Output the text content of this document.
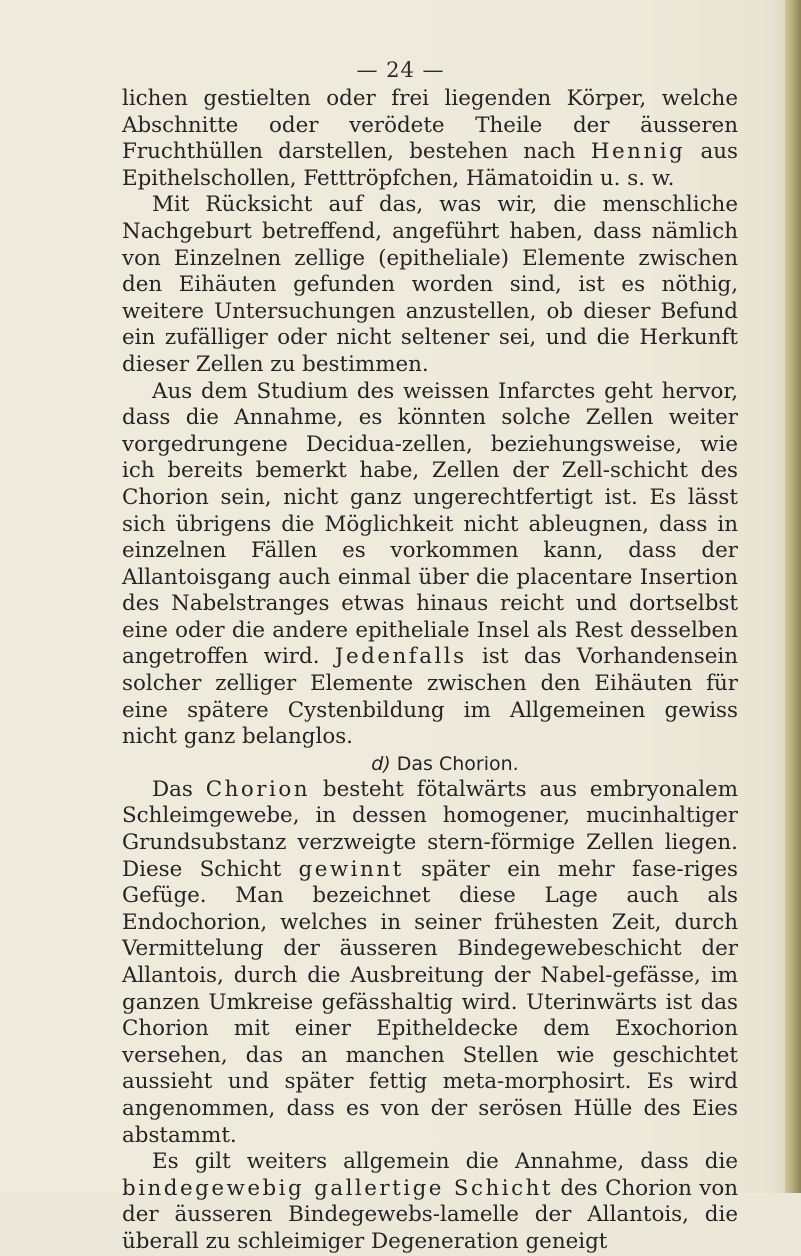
— 24 —

lichen gestielten oder frei liegenden Körper, welche Abschnitte oder verödete Theile der äusseren Fruchthüllen darstellen, bestehen nach Hennig aus Epithelschollen, Fetttröpfchen, Hämatoidin u. s. w.

Mit Rücksicht auf das, was wir, die menschliche Nachgeburt betreffend, angeführt haben, dass nämlich von Einzelnen zellige (epitheliale) Elemente zwischen den Eihäuten gefunden worden sind, ist es nöthig, weitere Untersuchungen anzustellen, ob dieser Befund ein zufälliger oder nicht seltener sei, und die Herkunft dieser Zellen zu bestimmen.

Aus dem Studium des weissen Infarctes geht hervor, dass die Annahme, es könnten solche Zellen weiter vorgedrungene Decidua-zellen, beziehungsweise, wie ich bereits bemerkt habe, Zellen der Zell-schicht des Chorion sein, nicht ganz ungerechtfertigt ist. Es lässt sich übrigens die Möglichkeit nicht ableugnen, dass in einzelnen Fällen es vorkommen kann, dass der Allantoisgang auch einmal über die placentare Insertion des Nabelstranges etwas hinaus reicht und dortselbst eine oder die andere epitheliale Insel als Rest desselben angetroffen wird. Jedenfalls ist das Vorhandensein solcher zelliger Elemente zwischen den Eihäuten für eine spätere Cystenbildung im Allgemeinen gewiss nicht ganz belanglos.

d) Das Chorion.

Das Chorion besteht fötalwärts aus embryonalem Schleimgewebe, in dessen homogener, mucinhaltiger Grundsubstanz verzweigte stern-förmige Zellen liegen. Diese Schicht gewinnt später ein mehr fase-riges Gefüge. Man bezeichnet diese Lage auch als Endochorion, welches in seiner frühesten Zeit, durch Vermittelung der äusseren Bindegewebeschicht der Allantois, durch die Ausbreitung der Nabel-gefässe, im ganzen Umkreise gefässhaltig wird. Uterinwärts ist das Chorion mit einer Epitheldecke dem Exochorion versehen, das an manchen Stellen wie geschichtet aussieht und später fettig meta-morphosirt. Es wird angenommen, dass es von der serösen Hülle des Eies abstammt.

Es gilt weiters allgemein die Annahme, dass die bindegewebig gallertige Schicht des Chorion von der äusseren Bindegewebs-lamelle der Allantois, die überall zu schleimiger Degeneration geneigt
